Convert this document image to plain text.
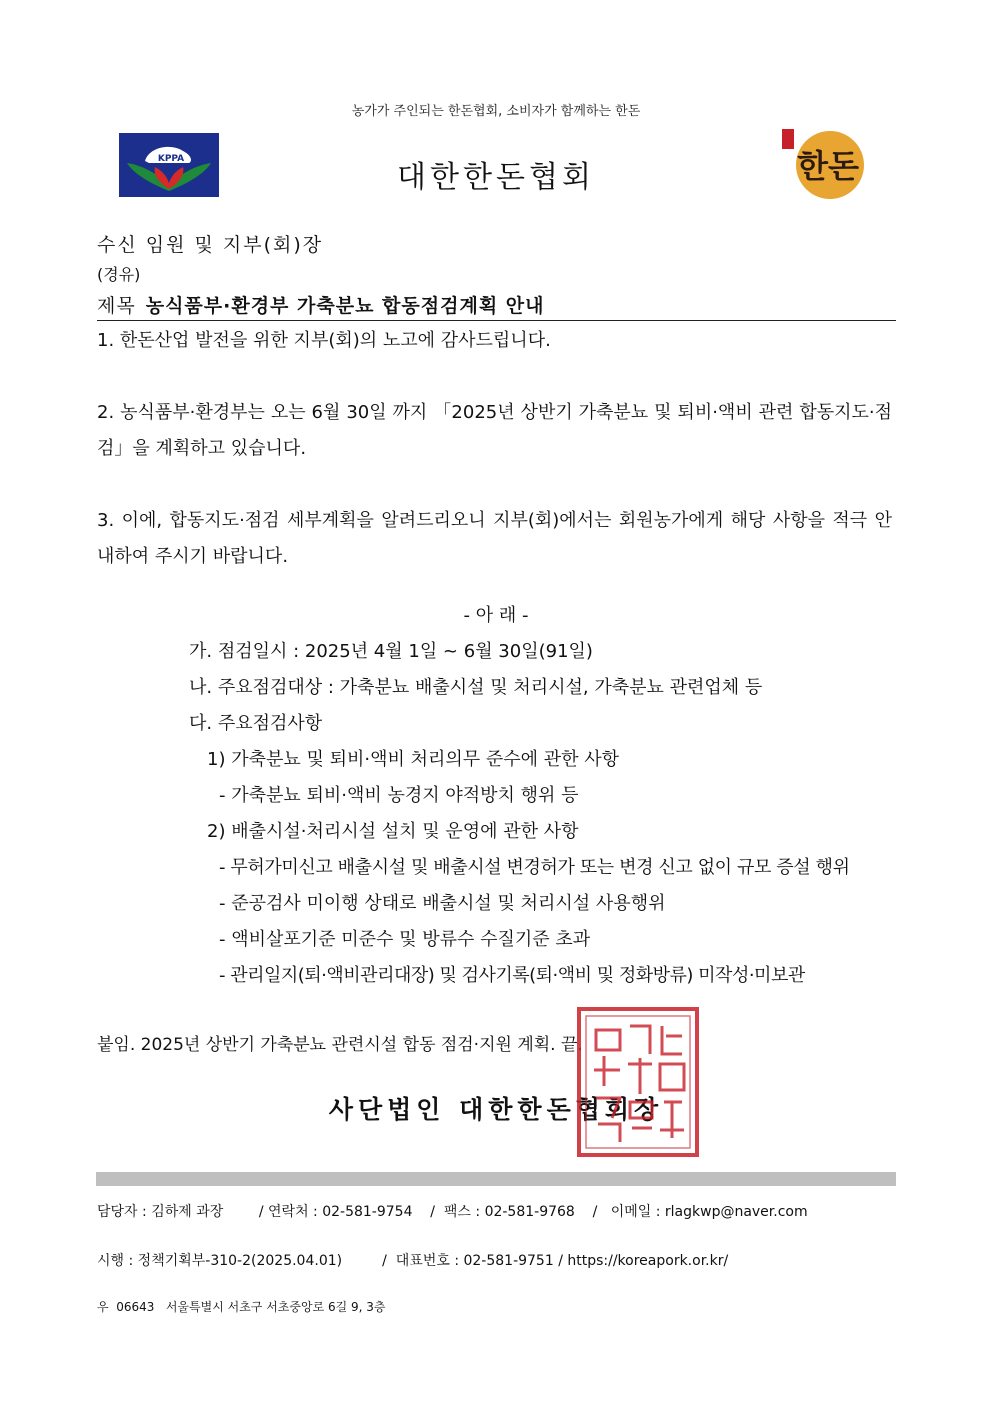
농가가 주인되는 한돈협회, 소비자가 함께하는 한돈
KPPA
대한한돈협회	한돈
수신 임원 및 지부(회)장
(경유)
제목 농식품부·환경부 가축분뇨 합동점검계획 안내
1. 한돈산업 발전을 위한 지부(회)의 노고에 감사드립니다.
2. 농식품부·환경부는 오는 6월 30일 까지 「2025년 상반기 가축분뇨 및 퇴비·액비 관련 합동지도·점검」을 계획하고 있습니다.
3. 이에, 합동지도·점검 세부계획을 알려드리오니 지부(회)에서는 회원농가에게 해당 사항을 적극 안내하여 주시기 바랍니다.
- 아 래 -
가. 점검일시 : 2025년 4월 1일 ~ 6월 30일(91일)
나. 주요점검대상 : 가축분뇨 배출시설 및 처리시설, 가축분뇨 관련업체 등
다. 주요점검사항
1) 가축분뇨 및 퇴비·액비 처리의무 준수에 관한 사항
- 가축분뇨 퇴비·액비 농경지 야적방치 행위 등
2) 배출시설·처리시설 설치 및 운영에 관한 사항
- 무허가미신고 배출시설 및 배출시설 변경허가 또는 변경 신고 없이 규모 증설 행위
- 준공검사 미이행 상태로 배출시설 및 처리시설 사용행위
- 액비살포기준 미준수 및 방류수 수질기준 초과
- 관리일지(퇴·액비관리대장) 및 검사기록(퇴·액비 및 정화방류) 미작성·미보관
붙임. 2025년 상반기 가축분뇨 관련시설 합동 점검·지원 계획. 끝.
사단법인 대한한돈협회장
담당자 : 김하제 과장        / 연락처 : 02-581-9754    /  팩스 : 02-581-9768    /   이메일 : rlagkwp@naver.com
시행 : 정책기획부-310-2(2025.04.01)         /  대표번호 : 02-581-9751 / https://koreapork.or.kr/
우  06643   서울특별시 서초구 서초중앙로 6길 9, 3층
